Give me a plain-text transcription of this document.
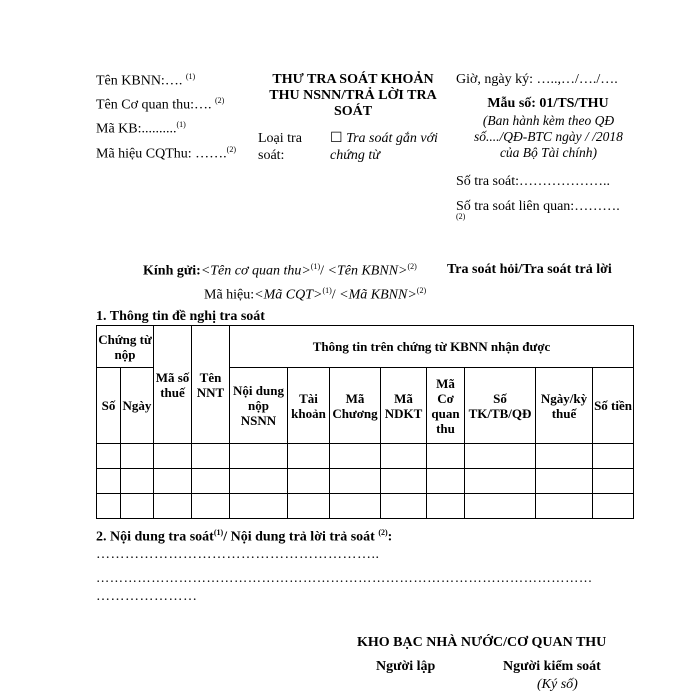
Tên KBNN:…. $^{(1)}$
Tên Cơ quan thu:…. $^{(2)}$
Mã KB:..........$^{(1)}$
Mã hiệu CQThu: …….$^{(2)}$
THƯ TRA SOÁT KHOẢN
THU NSNN/TRẢ LỜI TRA
SOÁT
Loại tra
soát:
☐ Tra soát gắn với
chứng từ
Giờ, ngày ký: …..,…/…./….
Mẫu số: 01/TS/THU
(Ban hành kèm theo QĐ
số..../QĐ-BTC ngày / /2018
của Bộ Tài chính)
Số tra soát:………………..
Số tra soát liên quan:……….
(2)
Kính gửi:<Tên cơ quan thu>$^{(1)}$/ <Tên KBNN>$^{(2)}$ Tra soát hỏi/Tra soát trả lời
Mã hiệu:<Mã CQT>$^{(1)}$/ <Mã KBNN>$^{(2)}$
1. Thông tin đề nghị tra soát
Chứng từ nộp		Mã số thuế	Tên NNT	Thông tin trên chứng từ KBNN nhận được							
Số	Ngày			Nội dung nộp NSNN	Tài khoản	Mã Chương	Mã NDKT	Mã Cơ quan thu	Số TK/TB/QĐ	Ngày/kỳ thuế	Số tiền

2. Nội dung tra soát$^{(1)}$/ Nội dung trả lời trả soát $^{(2)}$:
…………………………………………………..
………………………………………………………………………………………………
…………………
KHO BẠC NHÀ NƯỚC/CƠ QUAN THU
Người lập	Người kiểm soát
(Ký số)
